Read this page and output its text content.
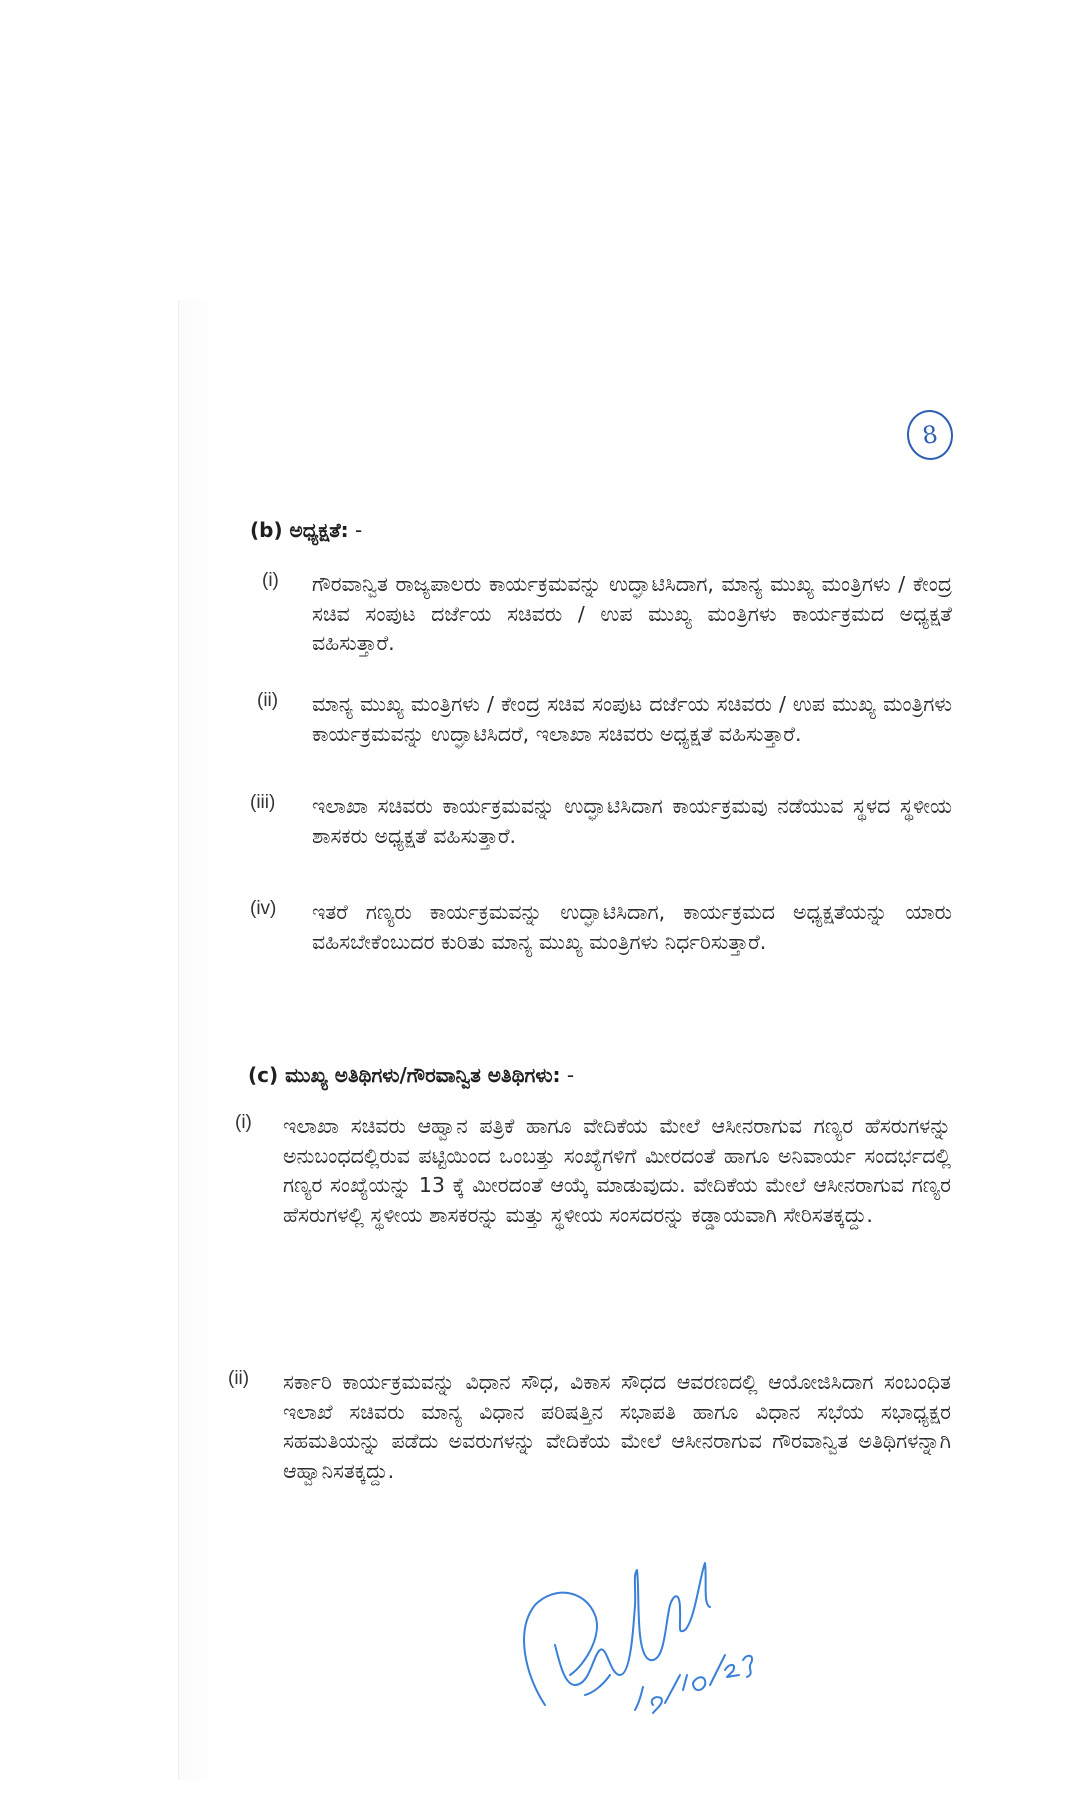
8
(b) ಅಧ್ಯಕ್ಷತೆ: -
(i) ಗೌರವಾನ್ವಿತ ರಾಜ್ಯಪಾಲರು ಕಾರ್ಯಕ್ರಮವನ್ನು ಉದ್ಘಾಟಿಸಿದಾಗ, ಮಾನ್ಯ ಮುಖ್ಯ ಮಂತ್ರಿಗಳು / ಕೇಂದ್ರ ಸಚಿವ ಸಂಪುಟ ದರ್ಜೆಯ ಸಚಿವರು / ಉಪ ಮುಖ್ಯ ಮಂತ್ರಿಗಳು ಕಾರ್ಯಕ್ರಮದ ಅಧ್ಯಕ್ಷತೆ ವಹಿಸುತ್ತಾರೆ.
(ii) ಮಾನ್ಯ ಮುಖ್ಯ ಮಂತ್ರಿಗಳು / ಕೇಂದ್ರ ಸಚಿವ ಸಂಪುಟ ದರ್ಜೆಯ ಸಚಿವರು / ಉಪ ಮುಖ್ಯ ಮಂತ್ರಿಗಳು ಕಾರ್ಯಕ್ರಮವನ್ನು ಉದ್ಘಾಟಿಸಿದರೆ, ಇಲಾಖಾ ಸಚಿವರು ಅಧ್ಯಕ್ಷತೆ ವಹಿಸುತ್ತಾರೆ.
(iii) ಇಲಾಖಾ ಸಚಿವರು ಕಾರ್ಯಕ್ರಮವನ್ನು ಉದ್ಘಾಟಿಸಿದಾಗ ಕಾರ್ಯಕ್ರಮವು ನಡೆಯುವ ಸ್ಥಳದ ಸ್ಥಳೀಯ ಶಾಸಕರು ಅಧ್ಯಕ್ಷತೆ ವಹಿಸುತ್ತಾರೆ.
(iv) ಇತರೆ ಗಣ್ಯರು ಕಾರ್ಯಕ್ರಮವನ್ನು ಉದ್ಘಾಟಿಸಿದಾಗ, ಕಾರ್ಯಕ್ರಮದ ಅಧ್ಯಕ್ಷತೆಯನ್ನು ಯಾರು ವಹಿಸಬೇಕೆಂಬುದರ ಕುರಿತು ಮಾನ್ಯ ಮುಖ್ಯ ಮಂತ್ರಿಗಳು ನಿರ್ಧರಿಸುತ್ತಾರೆ.
(c) ಮುಖ್ಯ ಅತಿಥಿಗಳು/ಗೌರವಾನ್ವಿತ ಅತಿಥಿಗಳು: -
(i) ಇಲಾಖಾ ಸಚಿವರು ಆಹ್ವಾನ ಪತ್ರಿಕೆ ಹಾಗೂ ವೇದಿಕೆಯ ಮೇಲೆ ಆಸೀನರಾಗುವ ಗಣ್ಯರ ಹೆಸರುಗಳನ್ನು ಅನುಬಂಧದಲ್ಲಿರುವ ಪಟ್ಟಿಯಿಂದ ಒಂಬತ್ತು ಸಂಖ್ಯೆಗಳಿಗೆ ಮೀರದಂತೆ ಹಾಗೂ ಅನಿವಾರ್ಯ ಸಂದರ್ಭದಲ್ಲಿ ಗಣ್ಯರ ಸಂಖ್ಯೆಯನ್ನು 13 ಕ್ಕೆ ಮೀರದಂತೆ ಆಯ್ಕೆ ಮಾಡುವುದು. ವೇದಿಕೆಯ ಮೇಲೆ ಆಸೀನರಾಗುವ ಗಣ್ಯರ ಹೆಸರುಗಳಲ್ಲಿ ಸ್ಥಳೀಯ ಶಾಸಕರನ್ನು ಮತ್ತು ಸ್ಥಳೀಯ ಸಂಸದರನ್ನು ಕಡ್ಡಾಯವಾಗಿ ಸೇರಿಸತಕ್ಕದ್ದು.
(ii) ಸರ್ಕಾರಿ ಕಾರ್ಯಕ್ರಮವನ್ನು ವಿಧಾನ ಸೌಧ, ವಿಕಾಸ ಸೌಧದ ಆವರಣದಲ್ಲಿ ಆಯೋಜಿಸಿದಾಗ ಸಂಬಂಧಿತ ಇಲಾಖೆ ಸಚಿವರು ಮಾನ್ಯ ವಿಧಾನ ಪರಿಷತ್ತಿನ ಸಭಾಪತಿ ಹಾಗೂ ವಿಧಾನ ಸಭೆಯ ಸಭಾಧ್ಯಕ್ಷರ ಸಹಮತಿಯನ್ನು ಪಡೆದು ಅವರುಗಳನ್ನು ವೇದಿಕೆಯ ಮೇಲೆ ಆಸೀನರಾಗುವ ಗೌರವಾನ್ವಿತ ಅತಿಥಿಗಳನ್ನಾಗಿ ಆಹ್ವಾನಿಸತಕ್ಕದ್ದು.
